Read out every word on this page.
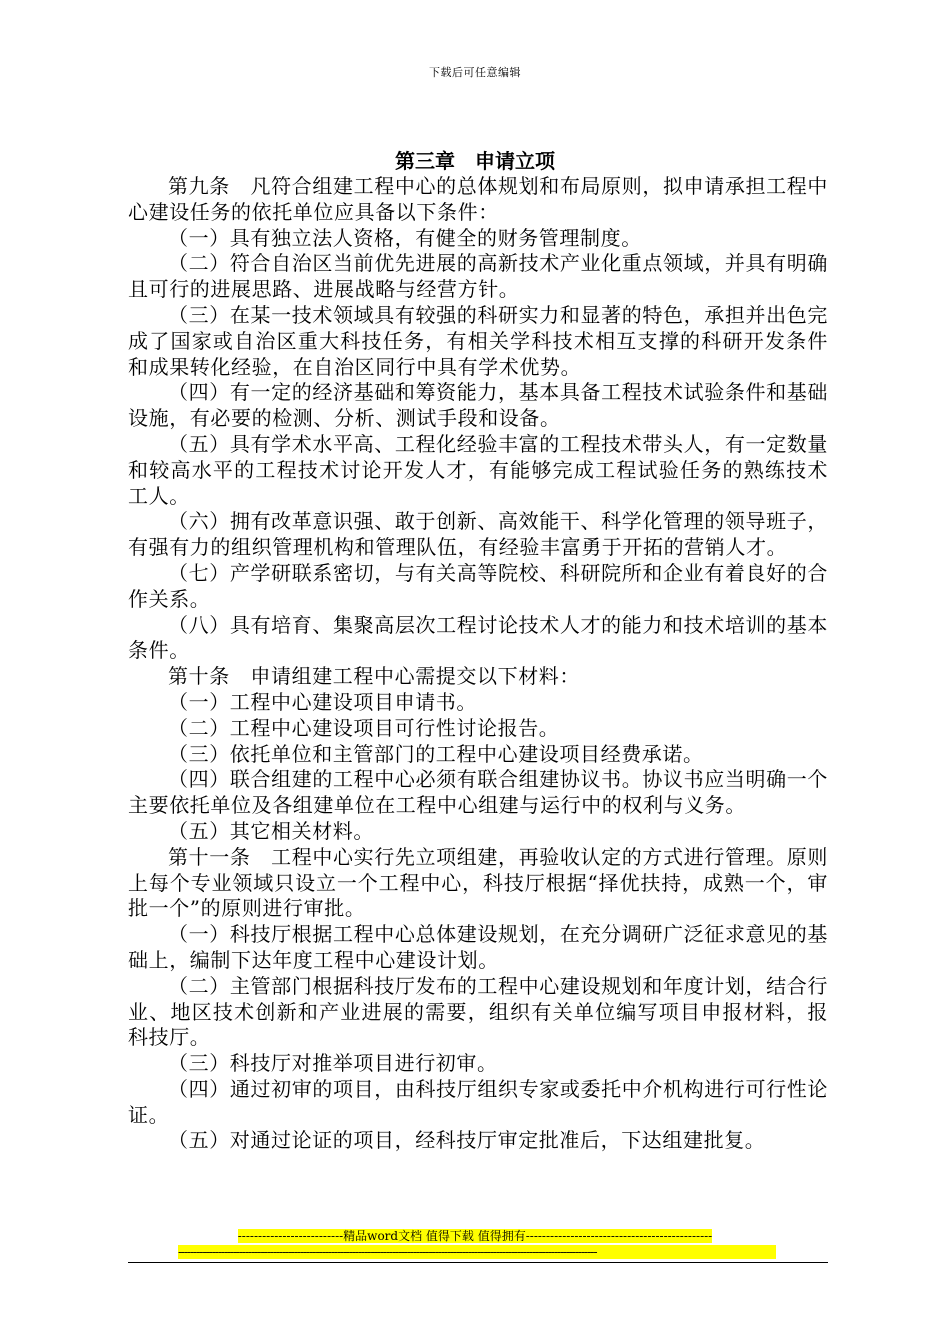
下载后可任意编辑
第三章　申请立项

第九条　凡符合组建工程中心的总体规划和布局原则，拟申请承担工程中心建设任务的依托单位应具备以下条件：

（一）具有独立法人资格，有健全的财务管理制度。

（二）符合自治区当前优先进展的高新技术产业化重点领域，并具有明确且可行的进展思路、进展战略与经营方针。

（三）在某一技术领域具有较强的科研实力和显著的特色，承担并出色完成了国家或自治区重大科技任务，有相关学科技术相互支撑的科研开发条件和成果转化经验，在自治区同行中具有学术优势。

（四）有一定的经济基础和筹资能力，基本具备工程技术试验条件和基础设施，有必要的检测、分析、测试手段和设备。

（五）具有学术水平高、工程化经验丰富的工程技术带头人，有一定数量和较高水平的工程技术讨论开发人才，有能够完成工程试验任务的熟练技术工人。

（六）拥有改革意识强、敢于创新、高效能干、科学化管理的领导班子，有强有力的组织管理机构和管理队伍，有经验丰富勇于开拓的营销人才。

（七）产学研联系密切，与有关高等院校、科研院所和企业有着良好的合作关系。

（八）具有培育、集聚高层次工程讨论技术人才的能力和技术培训的基本条件。

第十条　申请组建工程中心需提交以下材料：

（一）工程中心建设项目申请书。

（二）工程中心建设项目可行性讨论报告。

（三）依托单位和主管部门的工程中心建设项目经费承诺。

（四）联合组建的工程中心必须有联合组建协议书。协议书应当明确一个主要依托单位及各组建单位在工程中心组建与运行中的权利与义务。

（五）其它相关材料。

第十一条　工程中心实行先立项组建，再验收认定的方式进行管理。原则上每个专业领域只设立一个工程中心，科技厅根据“择优扶持，成熟一个，审批一个”的原则进行审批。

（一）科技厅根据工程中心总体建设规划，在充分调研广泛征求意见的基础上，编制下达年度工程中心建设计划。

（二）主管部门根据科技厅发布的工程中心建设规划和年度计划，结合行业、地区技术创新和产业进展的需要，组织有关单位编写项目申报材料，报科技厅。

（三）科技厅对推举项目进行初审。

（四）通过初审的项目，由科技厅组织专家或委托中介机构进行可行性论证。

（五）对通过论证的项目，经科技厅审定批准后，下达组建批复。

--------------------------精品word文档 值得下载 值得拥有----------------------------------------------
-----------------------------------------------------------------------------------------------------------------------------------------
